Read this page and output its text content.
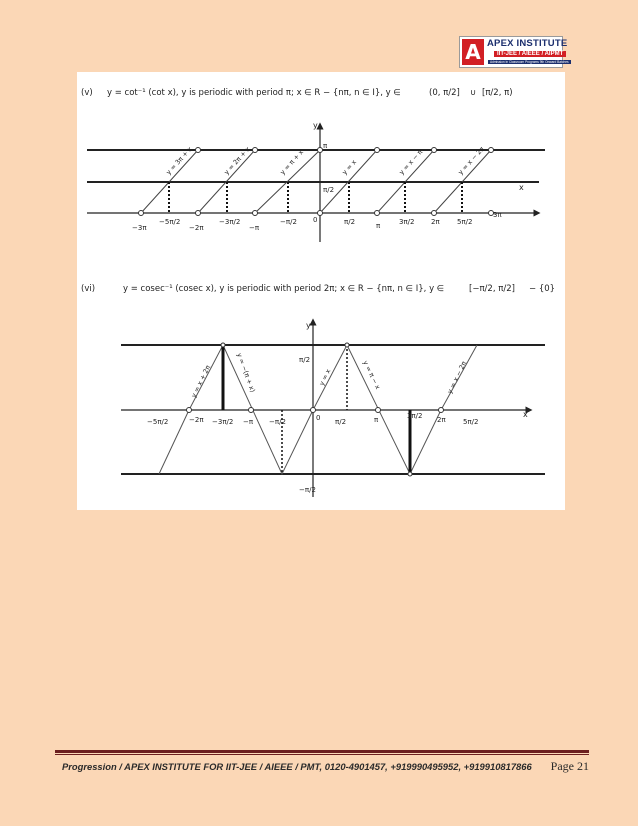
A APEX INSTITUTE
IIT-JEE / AIEEE / AIPMT
Admission in Classroom Programs 9th Onward Batches
(v) y = cot⁻¹ (cot x), y is periodic with period π; x ∈ R − {nπ, n ∈ I}, y ∈	(0, π/2] ∪ [π/2, π)
y
x
π
π/2
0
y = 3π + x	y = 2π + x	y = π + x	y = x	y = x − π	y = x − 2π
−3π
−5π/2
−2π
−3π/2
−π
−π/2	π/2	π	3π/2 2π 5π/2
3π
(vi)	y = cosec⁻¹ (cosec x), y is periodic with period 2π; x ∈ R − {nπ, n ∈ I}, y ∈	[−π/2, π/2] − {0}
y
x
π/2
−π/2
0
y = x + 2π	y = −(π + x)	y = x	y = π − x	y = x − 2π
−5π/2	−2π −3π/2 −π −π/2	π/2	π	3π/2 2π 5π/2
Progression / APEX INSTITUTE FOR IIT-JEE / AIEEE / PMT, 0120-4901457, +919990495952, +919910817866 Page 21
